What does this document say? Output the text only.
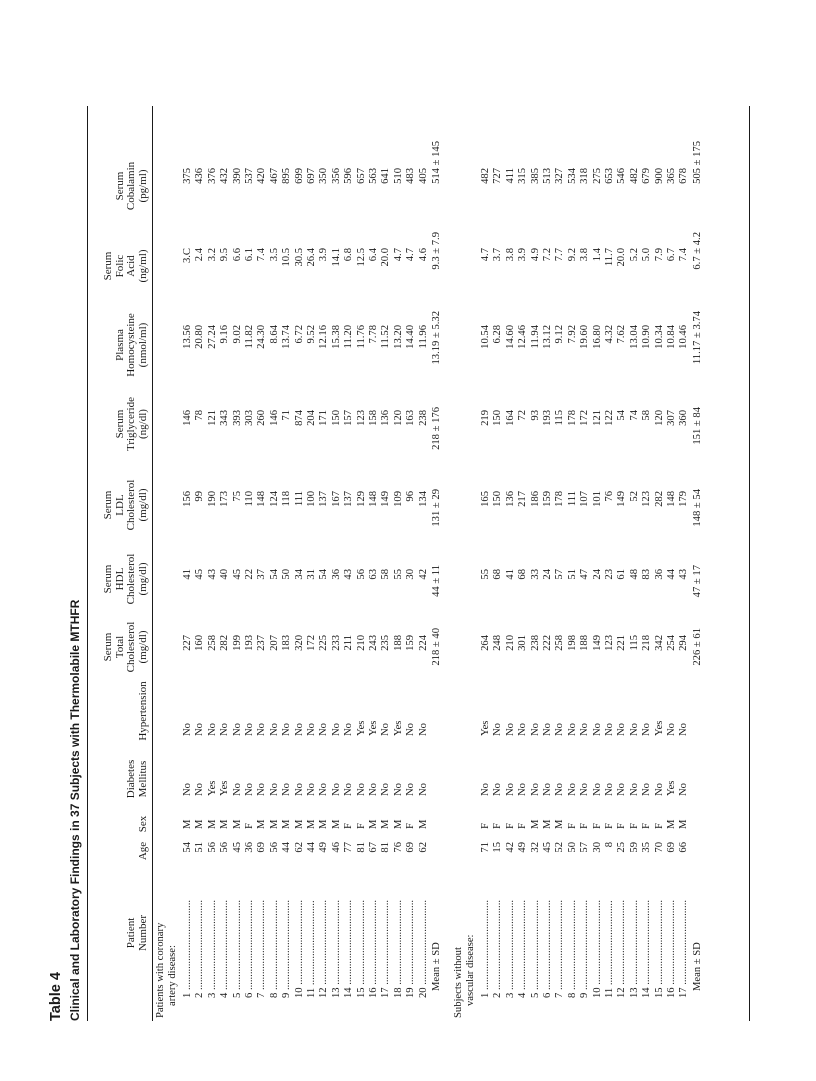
Table 4 Clinical and Laboratory Findings in 37 Subjects with Thermolabile MTHFR	Patient Number
Age
Sex
Diabetes Mellitus
Hypertension
Serum Total Cholesterol (mg/dl)
Serum HDL Cholesterol (mg/dl)
Serum LDL Cholesterol (mg/dl)
Serum Triglyceride (ng/dl)
Plasma Homocysteine (nmol/ml)
Serum Folic Acid (ng/ml)
Serum Cobalamin (pg/ml)
Patients with coronary artery disease: 1 ..................................
54
M
No
No
227
41
156
146
13.56
3.C
375
2 ..................................
51
M
No
No
160
45
99
78
20.80
2.4
436
3 ..................................
56
M
Yes
No
258
43
190
121
27.24
3.2
376
4 ..................................
56
M
Yes
No
282
40
173
343
9.16
9.5
432
5 ..................................
45
M
No
No
199
45
75
393
9.02
6.6
390
6 ..................................
36
F
No
No
193
22
110
303
11.82
6.1
537
7 ..................................
69
M
No
No
237
37
148
260
24.30
7.4
420
8 ..................................
56
M
No
No
207
54
124
146
8.64
3.5
467
9 ..................................
44
M
No
No
183
50
118
71
13.74
10.5
895
10 ................................
62
M
No
No
320
34
111
874
6.72
30.5
699
11 ................................
44
M
No
No
172
31
100
204
9.52
26.4
697
12 ................................
49
M
No
No
225
54
137
171
12.16
3.9
350
13 ................................
46
M
No
No
233
36
167
150
15.38
14.1
356
14 ................................
77
F
No
No
211
43
137
157
11.20
6.8
596
15 ................................
81
F
No
Yes
210
56
129
123
11.76
12.5
657
16 ................................
67
M
No
Yes
243
63
148
158
7.78
6.4
563
17 ................................
81
M
No
No
235
58
149
136
11.52
20.0
641
18 ................................
76
M
No
Yes
188
55
109
120
13.20
4.7
510
19 ................................
69
F
No
No
159
30
96
163
14.40
4.7
483
20 ................................
62
M
No
No
224
42
134
238
11.96
4.6
405
Mean ± SD
218 ± 40
44 ± 11
131 ± 29
218 ± 176
13.19 ± 5.32
9.3 ± 7.9
514 ± 145
Subjects without vascular disease: 1 ..................................
71
F
No
Yes
264
55
165
219
10.54
4.7
482
2 ..................................
15
F
No
No
248
68
150
150
6.28
3.7
727
3 ..................................
42
F
No
No
210
41
136
164
14.60
3.8
411
4 ..................................
49
F
No
No
301
68
217
72
12.46
3.9
315
5 ..................................
32
M
No
No
238
33
186
93
11.94
4.9
385
6 ..................................
45
M
No
No
222
24
159
193
13.12
7.2
513
7 ..................................
52
M
No
No
258
57
178
115
9.12
7.7
327
8 ..................................
50
F
No
No
198
51
111
178
7.92
9.2
534
9 ..................................
57
F
No
No
188
47
107
172
19.60
3.8
318
10 ................................
30
F
No
No
149
24
101
121
16.80
1.4
275
11 ................................
8
F
No
No
123
23
76
122
4.32
11.7
653
12 ................................
25
F
No
No
221
61
149
54
7.62
20.0
546
13 ................................
59
F
No
No
115
48
52
74
13.04
5.2
482
14 ................................
35
F
No
No
218
83
123
58
10.90
5.0
679
15 ................................
70
F
No
Yes
342
36
282
120
10.34
7.9
900
16 ................................
69
M
Yes
No
254
44
148
307
10.84
6.7
365
17 ................................
66
M
No
No
294
43
179
360
10.46
7.4
678
Mean ± SD
226 ± 61
47 ± 17
148 ± 54
151 ± 84
11.17 ± 3.74
6.7 ± 4.2
505 ± 175
